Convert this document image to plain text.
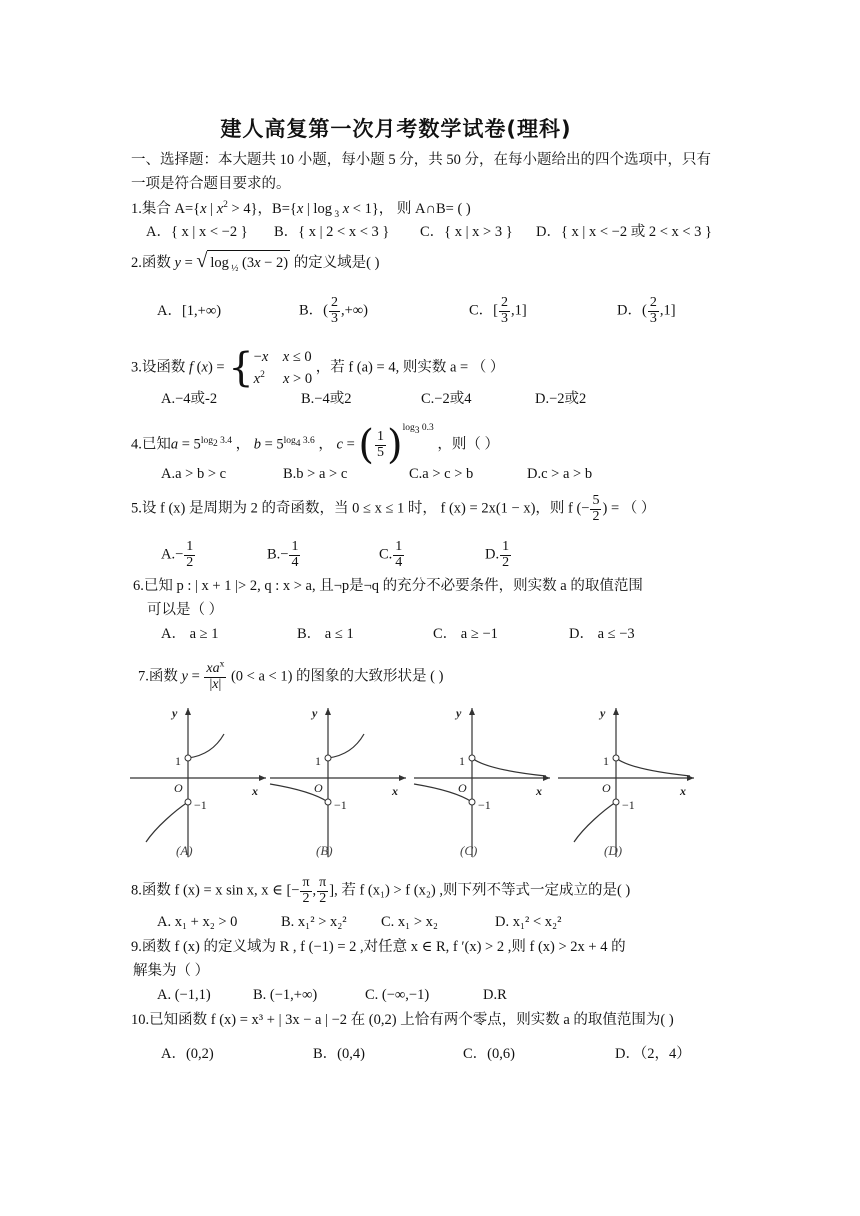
建人高复第一次月考数学试卷(理科)
一、选择题：本大题共 10 小题，每小题 5 分，共 50 分，在每小题给出的四个选项中，只有
一项是符合题目要求的。
1.集合 A={x | $x^2 > 4$}，B={x | log $_3$ x < 1}， 则 A∩B= ( )
A．{ x | x < −2 } B．{ x | 2 < x < 3 } C．{ x | x > 3 } D．{ x | x < −2 或 2 < x < 3 }
2.函数 y = √ log $_{\frac{1}{2}}$ (3x − 2) 的定义域是( )
A．[1,+∞)	B．( $\frac{2}{3}$ ,+∞)	C．[ $\frac{2}{3} ,1$]	D．( $\frac{2}{3} ,1$]
3.设函数 f (x) = {−x x ≤ 0
$x^2$ x > 0 ，若 f (a) = 4, 则实数 a = （ ）
A.−4或-2	B.−4或2	C.−2或4	D.−2或2
4.已知$a = 5^{log_2 3.4}$ ， $b = 5^{log_4 3.6}$ ， c = ( $\frac{1}{5} )^{log_3 0.3}$ ，则（ ）
A.a > b > c	B.b > a > c	C.a > c > b	D.c > a > b
5.设 f (x) 是周期为 2 的奇函数，当 0 ≤ x ≤ 1 时， f (x) = 2x(1 − x)，则 f (− $\frac{5}{2}$ ) = （ ）
$A.- \frac{1}{2}$	$B.- \frac{1}{4}$	C. $\frac{1}{4}$	D. $\frac{1}{2}$
6.已知 p : | x + 1 |> 2, q : x > a, 且¬p是¬q 的充分不必要条件，则实数 a 的取值范围
可以是（ ）
A． a ≥ 1	B． a ≤ 1	C． a ≥ −1	D． a ≤ −3
7.函数 $y = \frac{xa^x}{|x|} (0 < a < 1)$ 的图象的大致形状是 ( )
y
x
O
1
−1
(A)
y
x
O
1
−1
(B)
y
x
O
1
−1
(C)
y
x
O
1
−1
(D)
8.函数 f (x) = x sin x, x ∈ [− $\frac{\pi}{2}$ , $\frac{\pi}{2}$ ], 若 f (x₁) > f (x₂) ,则下列不等式一定成立的是( )
A. x₁ + x₂ > 0	B. x₁² > x₂² C. x₁ > x₂	D. x₁² < x₂²
9.函数 f (x) 的定义域为 R , f (−1) = 2 ,对任意 x ∈ R, f ′(x) > 2 ,则 f (x) > 2x + 4 的
解集为（ ）
A. (−1,1)	B. (−1,+∞)	C. (−∞,−1)	D.R
10.已知函数 f (x) = x³ + | 3x − a | −2 在 (0,2) 上恰有两个零点，则实数 a 的取值范围为( )
A．(0,2)	B．(0,4)	C．(0,6)	D．（2，4）
